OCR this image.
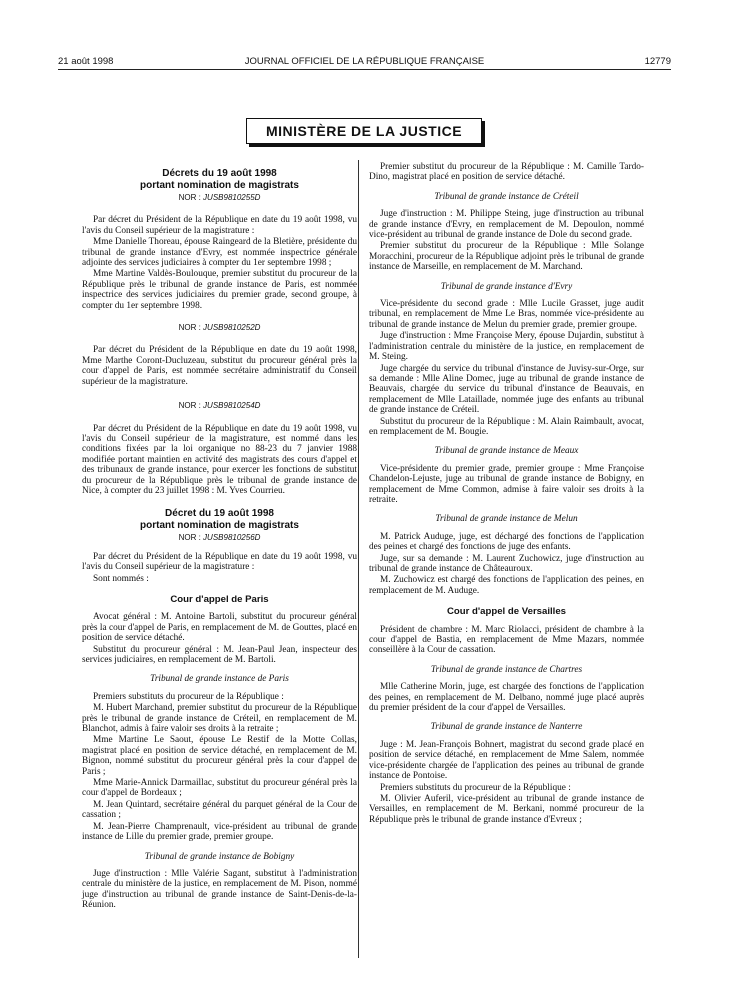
21 août 1998	JOURNAL OFFICIEL DE LA RÉPUBLIQUE FRANÇAISE	12779
MINISTÈRE DE LA JUSTICE
Décrets du 19 août 1998
portant nomination de magistrats
NOR : JUSB9810255D

Par décret du Président de la République en date du 19 août 1998, vu l'avis du Conseil supérieur de la magistrature :

Mme Danielle Thoreau, épouse Raingeard de la Bletière, présidente du tribunal de grande instance d'Evry, est nommée inspectrice générale adjointe des services judiciaires à compter du 1er septembre 1998 ;

Mme Martine Valdès-Boulouque, premier substitut du procureur de la République près le tribunal de grande instance de Paris, est nommée inspectrice des services judiciaires du premier grade, second groupe, à compter du 1er septembre 1998.

NOR : JUSB9810252D

Par décret du Président de la République en date du 19 août 1998, Mme Marthe Coront-Ducluzeau, substitut du procureur général près la cour d'appel de Paris, est nommée secrétaire administratif du Conseil supérieur de la magistrature.

NOR : JUSB9810254D

Par décret du Président de la République en date du 19 août 1998, vu l'avis du Conseil supérieur de la magistrature, est nommé dans les conditions fixées par la loi organique no 88-23 du 7 janvier 1988 modifiée portant maintien en activité des magistrats des cours d'appel et des tribunaux de grande instance, pour exercer les fonctions de substitut du procureur de la République près le tribunal de grande instance de Nice, à compter du 23 juillet 1998 : M. Yves Courrieu.

Décret du 19 août 1998
portant nomination de magistrats
NOR : JUSB9810256D

Par décret du Président de la République en date du 19 août 1998, vu l'avis du Conseil supérieur de la magistrature :

Sont nommés :

Cour d'appel de Paris

Avocat général : M. Antoine Bartoli, substitut du procureur général près la cour d'appel de Paris, en remplacement de M. de Gouttes, placé en position de service détaché.

Substitut du procureur général : M. Jean-Paul Jean, inspecteur des services judiciaires, en remplacement de M. Bartoli.

Tribunal de grande instance de Paris

Premiers substituts du procureur de la République :

M. Hubert Marchand, premier substitut du procureur de la République près le tribunal de grande instance de Créteil, en remplacement de M. Blanchot, admis à faire valoir ses droits à la retraite ;

Mme Martine Le Saout, épouse Le Restif de la Motte Collas, magistrat placé en position de service détaché, en remplacement de M. Bignon, nommé substitut du procureur général près la cour d'appel de Paris ;

Mme Marie-Annick Darmaillac, substitut du procureur général près la cour d'appel de Bordeaux ;

M. Jean Quintard, secrétaire général du parquet général de la Cour de cassation ;

M. Jean-Pierre Champrenault, vice-président au tribunal de grande instance de Lille du premier grade, premier groupe.

Tribunal de grande instance de Bobigny

Juge d'instruction : Mlle Valérie Sagant, substitut à l'administration centrale du ministère de la justice, en remplacement de M. Pison, nommé juge d'instruction au tribunal de grande instance de Saint-Denis-de-la-Réunion.

Premier substitut du procureur de la République : M. Camille Tardo-Dino, magistrat placé en position de service détaché.

Tribunal de grande instance de Créteil

Juge d'instruction : M. Philippe Steing, juge d'instruction au tribunal de grande instance d'Evry, en remplacement de M. Depoulon, nommé vice-président au tribunal de grande instance de Dole du second grade.

Premier substitut du procureur de la République : Mlle Solange Moracchini, procureur de la République adjoint près le tribunal de grande instance de Marseille, en remplacement de M. Marchand.

Tribunal de grande instance d'Evry

Vice-présidente du second grade : Mlle Lucile Grasset, juge audit tribunal, en remplacement de Mme Le Bras, nommée vice-présidente au tribunal de grande instance de Melun du premier grade, premier groupe.

Juge d'instruction : Mme Françoise Mery, épouse Dujardin, substitut à l'administration centrale du ministère de la justice, en remplacement de M. Steing.

Juge chargée du service du tribunal d'instance de Juvisy-sur-Orge, sur sa demande : Mlle Aline Domec, juge au tribunal de grande instance de Beauvais, chargée du service du tribunal d'instance de Beauvais, en remplacement de Mlle Lataillade, nommée juge des enfants au tribunal de grande instance de Créteil.

Substitut du procureur de la République : M. Alain Raimbault, avocat, en remplacement de M. Bougie.

Tribunal de grande instance de Meaux

Vice-présidente du premier grade, premier groupe : Mme Françoise Chandelon-Lejuste, juge au tribunal de grande instance de Bobigny, en remplacement de Mme Common, admise à faire valoir ses droits à la retraite.

Tribunal de grande instance de Melun

M. Patrick Auduge, juge, est déchargé des fonctions de l'application des peines et chargé des fonctions de juge des enfants.

Juge, sur sa demande : M. Laurent Zuchowicz, juge d'instruction au tribunal de grande instance de Châteauroux.

M. Zuchowicz est chargé des fonctions de l'application des peines, en remplacement de M. Auduge.

Cour d'appel de Versailles

Président de chambre : M. Marc Riolacci, président de chambre à la cour d'appel de Bastia, en remplacement de Mme Mazars, nommée conseillère à la Cour de cassation.

Tribunal de grande instance de Chartres

Mlle Catherine Morin, juge, est chargée des fonctions de l'application des peines, en remplacement de M. Delbano, nommé juge placé auprès du premier président de la cour d'appel de Versailles.

Tribunal de grande instance de Nanterre

Juge : M. Jean-François Bohnert, magistrat du second grade placé en position de service détaché, en remplacement de Mme Salem, nommée vice-présidente chargée de l'application des peines au tribunal de grande instance de Pontoise.

Premiers substituts du procureur de la République :

M. Olivier Auferil, vice-président au tribunal de grande instance de Versailles, en remplacement de M. Berkani, nommé procureur de la République près le tribunal de grande instance d'Evreux ;
